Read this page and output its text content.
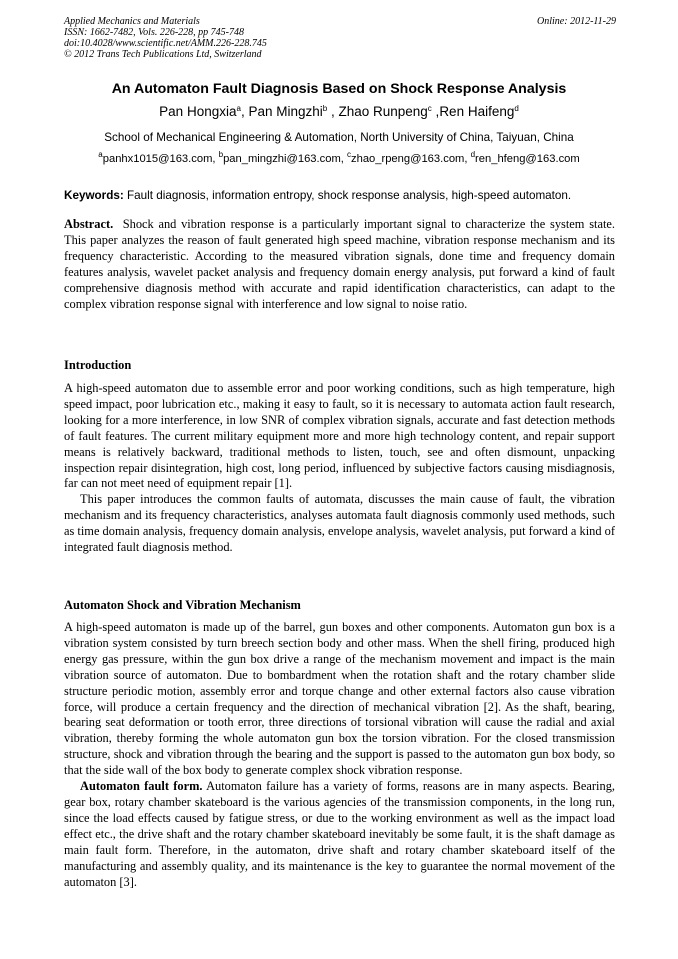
Applied Mechanics and Materials
ISSN: 1662-7482, Vols. 226-228, pp 745-748
doi:10.4028/www.scientific.net/AMM.226-228.745
© 2012 Trans Tech Publications Ltd, Switzerland
Online: 2012-11-29
An Automaton Fault Diagnosis Based on Shock Response Analysis
Pan Hongxia$^a$, Pan Mingzhi$^b$ , Zhao Runpeng$^c$ ,Ren Haifeng$^d$
School of Mechanical Engineering & Automation, North University of China, Taiyuan, China
$^a$panhx1015@163.com, $^b$pan_mingzhi@163.com, $^c$zhao_rpeng@163.com, $^d$ren_hfeng@163.com
Keywords: Fault diagnosis, information entropy, shock response analysis, high-speed automaton.

Abstract. Shock and vibration response is a particularly important signal to characterize the system state. This paper analyzes the reason of fault generated high speed machine, vibration response mechanism and its frequency characteristic. According to the measured vibration signals, done time and frequency domain features analysis, wavelet packet analysis and frequency domain energy analysis, put forward a kind of fault comprehensive diagnosis method with accurate and rapid identification characteristics, can adapt to the complex vibration response signal with interference and low signal to noise ratio.

Introduction

A high-speed automaton due to assemble error and poor working conditions, such as high temperature, high speed impact, poor lubrication etc., making it easy to fault, so it is necessary to automata action fault research, looking for a more interference, in low SNR of complex vibration signals, accurate and fast detection methods of fault features. The current military equipment more and more high technology content, and repair support means is relatively backward, traditional methods to listen, touch, see and often dismount, unpacking inspection repair disintegration, high cost, long period, influenced by subjective factors causing misdiagnosis, far can not meet need of equipment repair [1].

This paper introduces the common faults of automata, discusses the main cause of fault, the vibration mechanism and its frequency characteristics, analyses automata fault diagnosis commonly used methods, such as time domain analysis, frequency domain analysis, envelope analysis, wavelet analysis, put forward a kind of integrated fault diagnosis method.

Automaton Shock and Vibration Mechanism

A high-speed automaton is made up of the barrel, gun boxes and other components. Automaton gun box is a vibration system consisted by turn breech section body and other mass. When the shell firing, produced high energy gas pressure, within the gun box drive a range of the mechanism movement and impact is the main vibration source of automaton. Due to bombardment when the rotation shaft and the rotary chamber slide structure periodic motion, assembly error and torque change and other external factors also cause vibration force, will produce a certain frequency and the direction of mechanical vibration [2]. As the shaft, bearing, bearing seat deformation or tooth error, three directions of torsional vibration will cause the radial and axial vibration, thereby forming the whole automaton gun box the torsion vibration. For the closed transmission structure, shock and vibration through the bearing and the support is passed to the automaton gun box body, so that the side wall of the box body to generate complex shock vibration response.

Automaton fault form. Automaton failure has a variety of forms, reasons are in many aspects. Bearing, gear box, rotary chamber skateboard is the various agencies of the transmission components, in the long run, since the load effects caused by fatigue stress, or due to the working environment as well as the impact load effect etc., the drive shaft and the rotary chamber skateboard inevitably be some fault, it is the shaft damage as main fault form. Therefore, in the automaton, drive shaft and rotary chamber skateboard itself of the manufacturing and assembly quality, and its maintenance is the key to guarantee the normal movement of the automaton [3].
